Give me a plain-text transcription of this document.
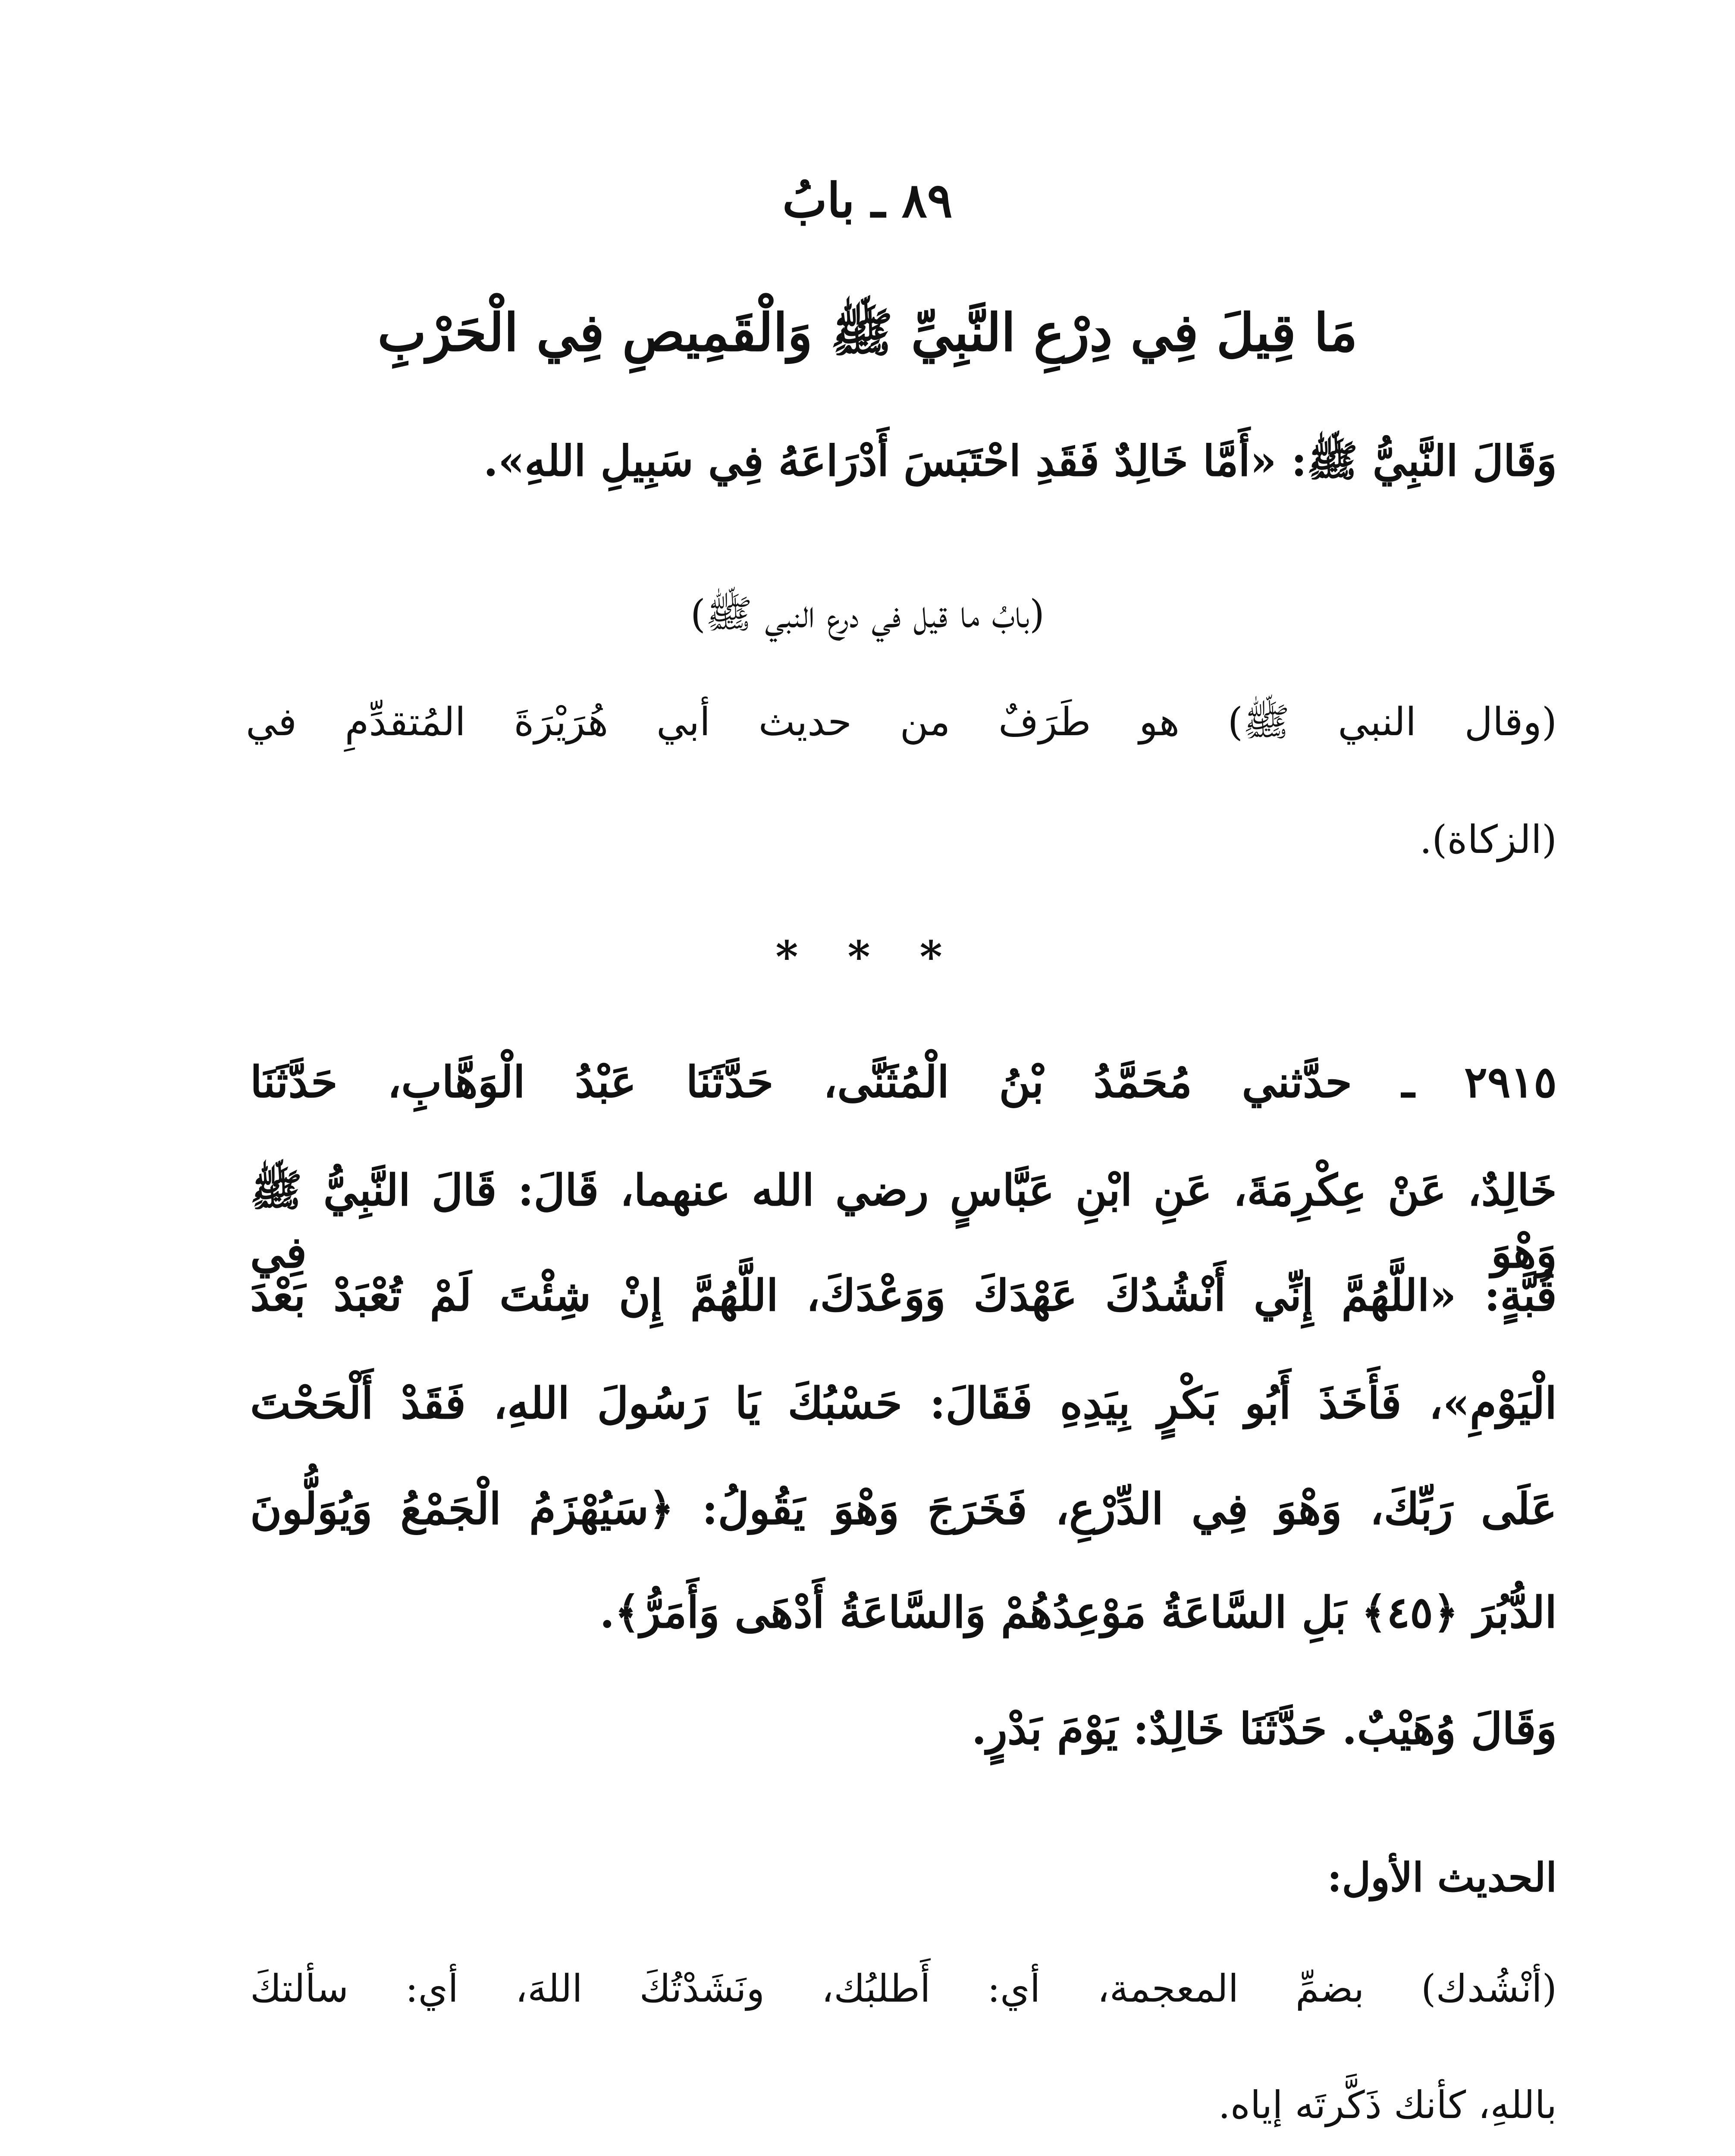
٨٩ ـ بابُ
مَا قِيلَ فِي دِرْعِ النَّبِيِّ ﷺ وَالْقَمِيصِ فِي الْحَرْبِ
وَقَالَ النَّبِيُّ ﷺ: «أَمَّا خَالِدٌ فَقَدِ احْتَبَسَ أَدْرَاعَهُ فِي سَبِيلِ اللهِ».
(بابُ ما قيل في درع النبي ﷺ)
(وقال النبي ﷺ) هو طَرَفٌ من حديث أبي هُرَيْرَةَ المُتقدِّمِ في
(الزكاة).
* * *
٢٩١٥ ـ حدَّثني مُحَمَّدُ بْنُ الْمُثَنَّى، حَدَّثَنَا عَبْدُ الْوَهَّابِ، حَدَّثَنَا
خَالِدٌ، عَنْ عِكْرِمَةَ، عَنِ ابْنِ عَبَّاسٍ رضي الله عنهما، قَالَ: قَالَ النَّبِيُّ ﷺ وَهْوَ فِي
قُبَّةٍ: «اللَّهُمَّ إِنِّي أَنْشُدُكَ عَهْدَكَ وَوَعْدَكَ، اللَّهُمَّ إِنْ شِئْتَ لَمْ تُعْبَدْ بَعْدَ
الْيَوْمِ»، فَأَخَذَ أَبُو بَكْرٍ بِيَدِهِ فَقَالَ: حَسْبُكَ يَا رَسُولَ اللهِ، فَقَدْ أَلْحَحْتَ
عَلَى رَبِّكَ، وَهْوَ فِي الدِّرْعِ، فَخَرَجَ وَهْوَ يَقُولُ: ﴿سَيُهْزَمُ الْجَمْعُ وَيُوَلُّونَ
الدُّبُرَ ﴿٤٥﴾ بَلِ السَّاعَةُ مَوْعِدُهُمْ وَالسَّاعَةُ أَدْهَى وَأَمَرُّ﴾.
وَقَالَ وُهَيْبٌ. حَدَّثَنَا خَالِدٌ: يَوْمَ بَدْرٍ.
الحديث الأول:
(أنْشُدك) بضمِّ المعجمة، أي: أَطلبُك، ونَشَدْتُكَ اللهَ، أي: سألتكَ
باللهِ، كأنك ذَكَّرتَه إياه.
